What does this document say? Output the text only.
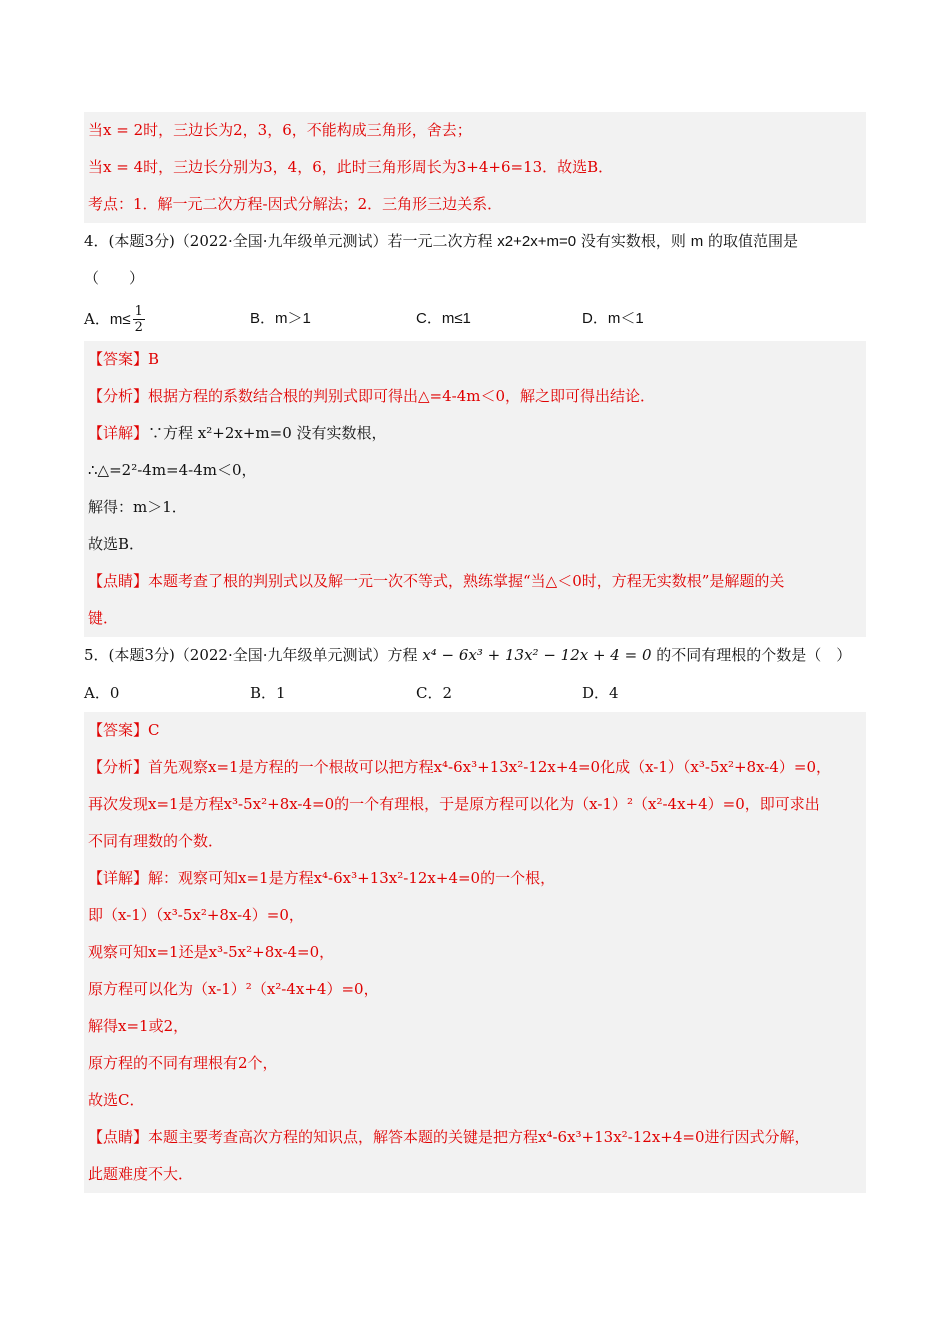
当x = 2时，三边长为2，3，6，不能构成三角形，舍去；
当x = 4时，三边长分别为3，4，6，此时三角形周长为3+4+6=13．故选B．
考点：1．解一元二次方程-因式分解法；2．三角形三边关系．
4．(本题3分)（2022·全国·九年级单元测试）若一元二次方程 x2+2x+m=0 没有实数根，则 m 的取值范围是
（　　）
A．$m\le \frac{1}{2}$	B．m＞1	C．m≤1	D．m＜1
【答案】B
【分析】根据方程的系数结合根的判别式即可得出△=4-4m＜0，解之即可得出结论．
【详解】∵方程 x²+2x+m=0 没有实数根，
∴△=2²-4m=4-4m＜0，
解得：m＞1．
故选B．
【点睛】本题考查了根的判别式以及解一元一次不等式，熟练掌握“当△＜0时，方程无实数根”是解题的关
键．
5．(本题3分)（2022·全国·九年级单元测试）方程 x⁴ − 6x³ + 13x² − 12x + 4 = 0 的不同有理根的个数是（　）
A．0	B．1	C．2	D．4
【答案】C
【分析】首先观察x=1是方程的一个根故可以把方程x⁴-6x³+13x²-12x+4=0化成（x-1）（x³-5x²+8x-4）=0，
再次发现x=1是方程x³-5x²+8x-4=0的一个有理根，于是原方程可以化为（x-1）²（x²-4x+4）=0，即可求出
不同有理数的个数．
【详解】解：观察可知x=1是方程x⁴-6x³+13x²-12x+4=0的一个根，
即（x-1）（x³-5x²+8x-4）=0，
观察可知x=1还是x³-5x²+8x-4=0，
原方程可以化为（x-1）²（x²-4x+4）=0，
解得x=1或2，
原方程的不同有理根有2个，
故选C．
【点睛】本题主要考查高次方程的知识点，解答本题的关键是把方程x⁴-6x³+13x²-12x+4=0进行因式分解，
此题难度不大．
